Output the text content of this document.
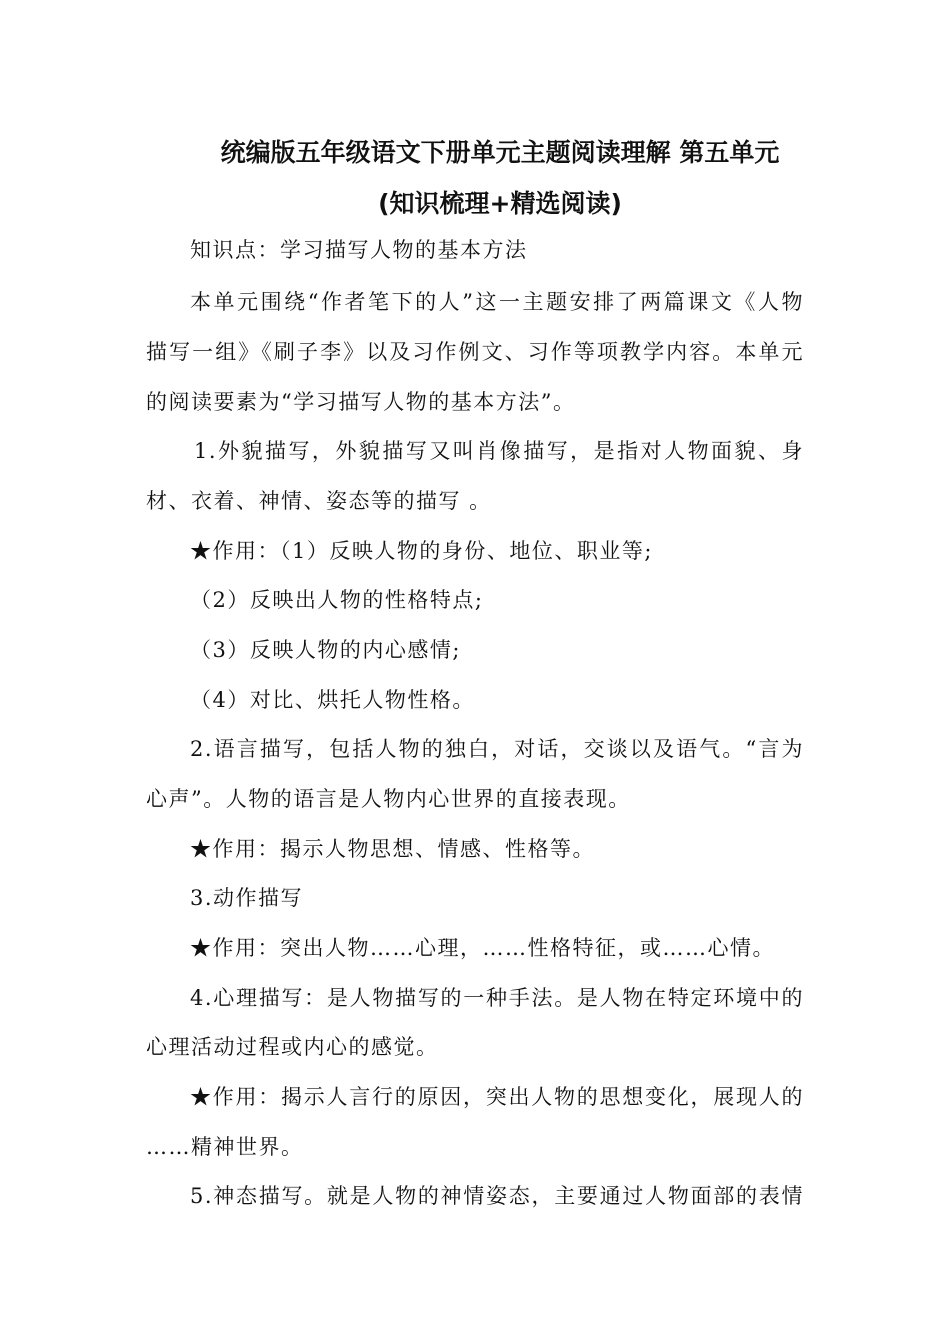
统编版五年级语文下册单元主题阅读理解 第五单元
(知识梳理+精选阅读)
知识点：学习描写人物的基本方法
本单元围绕“作者笔下的人”这一主题安排了两篇课文《人物
描写一组》《刷子李》以及习作例文、习作等项教学内容。本单元
的阅读要素为“学习描写人物的基本方法”。
1.外貌描写，外貌描写又叫肖像描写，是指对人物面貌、身
材、衣着、神情、姿态等的描写 。
★作用：（1）反映人物的身份、地位、职业等;
（2）反映出人物的性格特点;
（3）反映人物的内心感情;
（4）对比、烘托人物性格。
2.语言描写，包括人物的独白，对话，交谈以及语气。“言为
心声”。人物的语言是人物内心世界的直接表现。
★作用：揭示人物思想、情感、性格等。
3.动作描写
★作用：突出人物……心理，……性格特征，或……心情。
4.心理描写：是人物描写的一种手法。是人物在特定环境中的
心理活动过程或内心的感觉。
★作用：揭示人言行的原因，突出人物的思想变化，展现人的
……精神世界。
5.神态描写。就是人物的神情姿态，主要通过人物面部的表情
